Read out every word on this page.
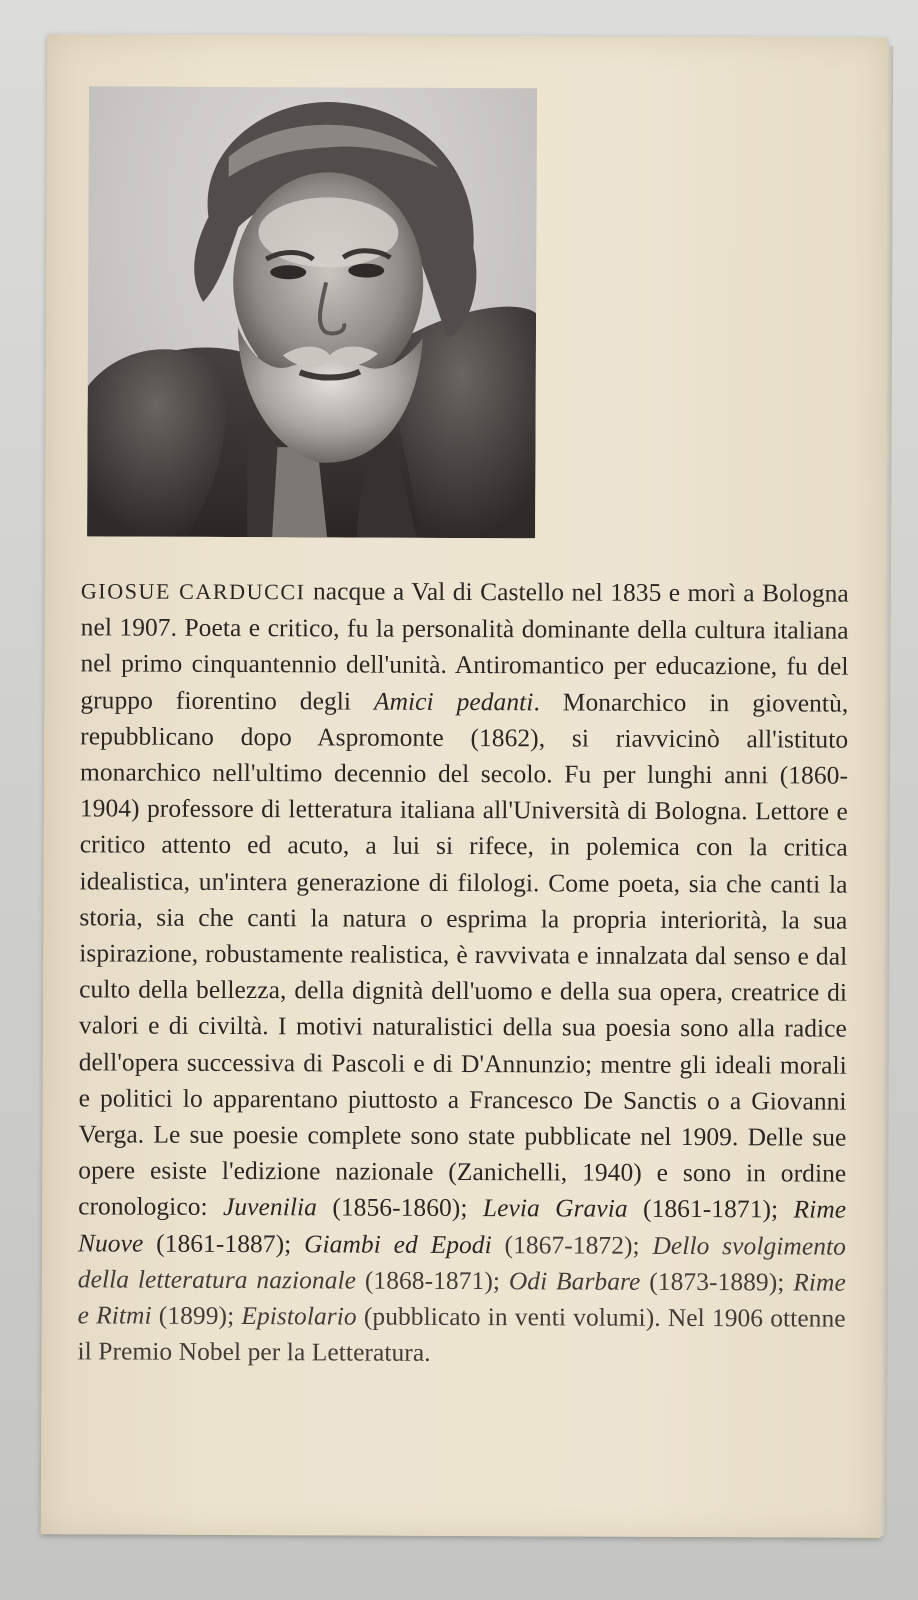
GIOSUE CARDUCCI nacque a Val di Castello nel 1835 e morì a Bologna nel 1907. Poeta e critico, fu la personalità dominante della cultura italiana nel primo cinquantennio dell'unità. Antiromantico per educazione, fu del gruppo fiorentino degli Amici pedanti. Monarchico in gioventù, repubblicano dopo Aspromonte (1862), si riavvicinò all'istituto monarchico nell'ultimo decennio del secolo. Fu per lunghi anni (1860-1904) professore di letteratura italiana all'Università di Bologna. Lettore e critico attento ed acuto, a lui si rifece, in polemica con la critica idealistica, un'intera generazione di filologi. Come poeta, sia che canti la storia, sia che canti la natura o esprima la propria interiorità, la sua ispirazione, robustamente realistica, è ravvivata e innalzata dal senso e dal culto della bellezza, della dignità dell'uomo e della sua opera, creatrice di valori e di civiltà. I motivi naturalistici della sua poesia sono alla radice dell'opera successiva di Pascoli e di D'Annunzio; mentre gli ideali morali e politici lo apparentano piuttosto a Francesco De Sanctis o a Giovanni Verga. Le sue poesie complete sono state pubblicate nel 1909. Delle sue opere esiste l'edizione nazionale (Zanichelli, 1940) e sono in ordine cronologico: Juvenilia (1856-1860); Levia Gravia (1861-1871); Rime Nuove (1861-1887); Giambi ed Epodi (1867-1872); Dello svolgimento della letteratura nazionale (1868-1871); Odi Barbare (1873-1889); Rime e Ritmi (1899); Epistolario (pubblicato in venti volumi). Nel 1906 ottenne il Premio Nobel per la Letteratura.
